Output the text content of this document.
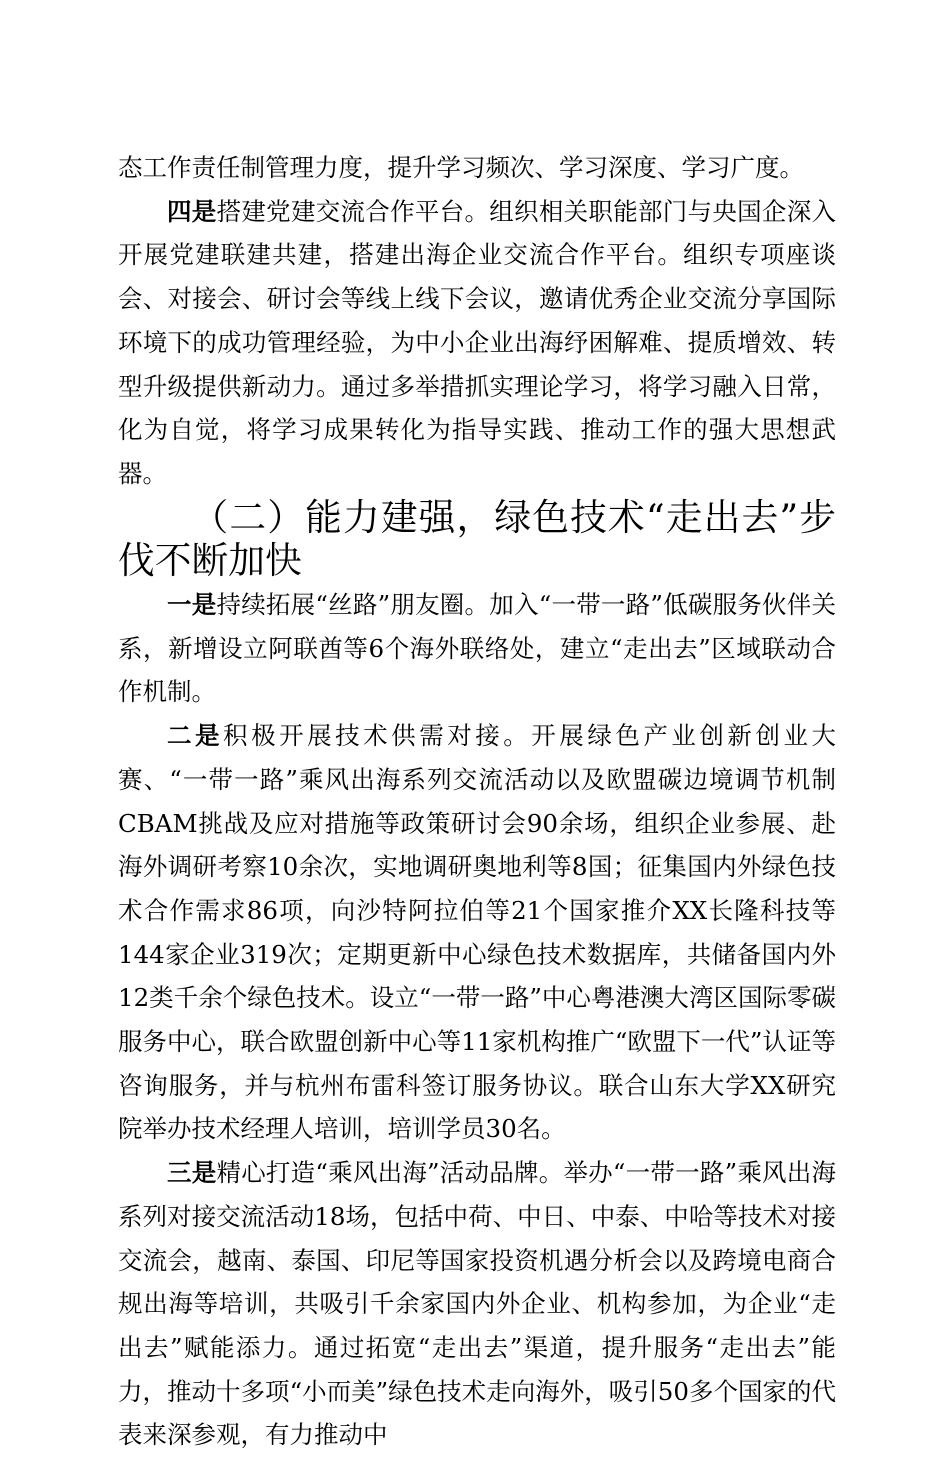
态工作责任制管理力度，提升学习频次、学习深度、学习广度。

四是搭建党建交流合作平台。组织相关职能部门与央国企深入开展党建联建共建，搭建出海企业交流合作平台。组织专项座谈会、对接会、研讨会等线上线下会议，邀请优秀企业交流分享国际环境下的成功管理经验，为中小企业出海纾困解难、提质增效、转型升级提供新动力。通过多举措抓实理论学习，将学习融入日常，化为自觉，将学习成果转化为指导实践、推动工作的强大思想武器。

（二）能力建强，绿色技术“走出去”步伐不断加快

一是持续拓展“丝路”朋友圈。加入“一带一路”低碳服务伙伴关系，新增设立阿联酋等6个海外联络处，建立“走出去”区域联动合作机制。

二是积极开展技术供需对接。开展绿色产业创新创业大赛、“一带一路”乘风出海系列交流活动以及欧盟碳边境调节机制CBAM挑战及应对措施等政策研讨会90余场，组织企业参展、赴海外调研考察10余次，实地调研奥地利等8国；征集国内外绿色技术合作需求86项，向沙特阿拉伯等21个国家推介XX长隆科技等144家企业319次；定期更新中心绿色技术数据库，共储备国内外12类千余个绿色技术。设立“一带一路”中心粤港澳大湾区国际零碳服务中心，联合欧盟创新中心等11家机构推广“欧盟下一代”认证等咨询服务，并与杭州布雷科签订服务协议。联合山东大学XX研究院举办技术经理人培训，培训学员30名。

三是精心打造“乘风出海”活动品牌。举办“一带一路”乘风出海系列对接交流活动18场，包括中荷、中日、中泰、中哈等技术对接交流会，越南、泰国、印尼等国家投资机遇分析会以及跨境电商合规出海等培训，共吸引千余家国内外企业、机构参加，为企业“走出去”赋能添力。通过拓宽“走出去”渠道，提升服务“走出去”能力，推动十多项“小而美”绿色技术走向海外，吸引50多个国家的代表来深参观，有力推动中
